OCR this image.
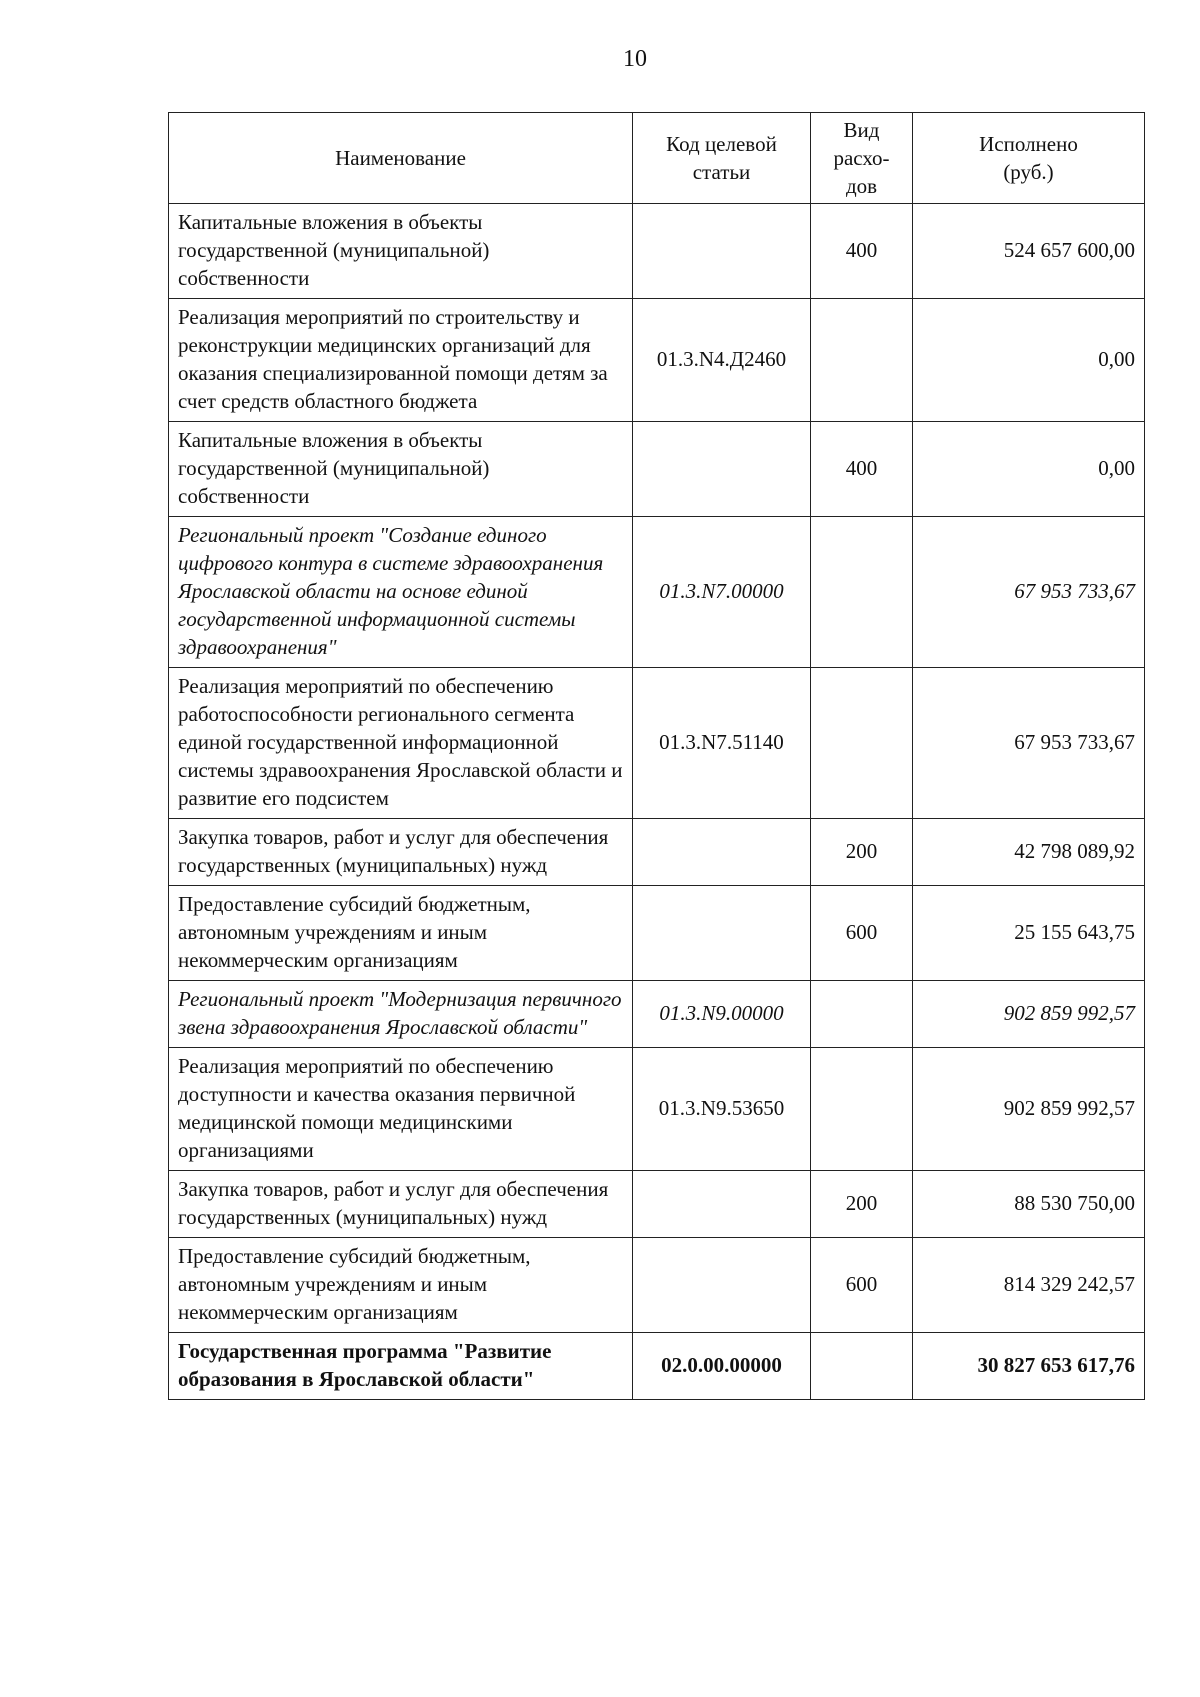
10
Наименование	Код целевой статьи	Вид расхо-дов	Исполнено (руб.)

Капитальные вложения в объекты государственной (муниципальной) собственности		400	524 657 600,00
Реализация мероприятий по строительству и реконструкции медицинских организаций для оказания специализированной помощи детям за счет средств областного бюджета	01.3.N4.Д2460		0,00
Капитальные вложения в объекты государственной (муниципальной) собственности		400	0,00
Региональный проект "Создание единого цифрового контура в системе здравоохранения Ярославской области на основе единой государственной информационной системы здравоохранения"	01.3.N7.00000		67 953 733,67
Реализация мероприятий по обеспечению работоспособности регионального сегмента единой государственной информационной системы здравоохранения Ярославской области и развитие его подсистем	01.3.N7.51140		67 953 733,67
Закупка товаров, работ и услуг для обеспечения государственных (муниципальных) нужд		200	42 798 089,92
Предоставление субсидий бюджетным, автономным учреждениям и иным некоммерческим организациям		600	25 155 643,75
Региональный проект "Модернизация первичного звена здравоохранения Ярославской области"	01.3.N9.00000		902 859 992,57
Реализация мероприятий по обеспечению доступности и качества оказания первичной медицинской помощи медицинскими организациями	01.3.N9.53650		902 859 992,57
Закупка товаров, работ и услуг для обеспечения государственных (муниципальных) нужд		200	88 530 750,00
Предоставление субсидий бюджетным, автономным учреждениям и иным некоммерческим организациям		600	814 329 242,57
Государственная программа "Развитие образования в Ярославской области"	02.0.00.00000		30 827 653 617,76
